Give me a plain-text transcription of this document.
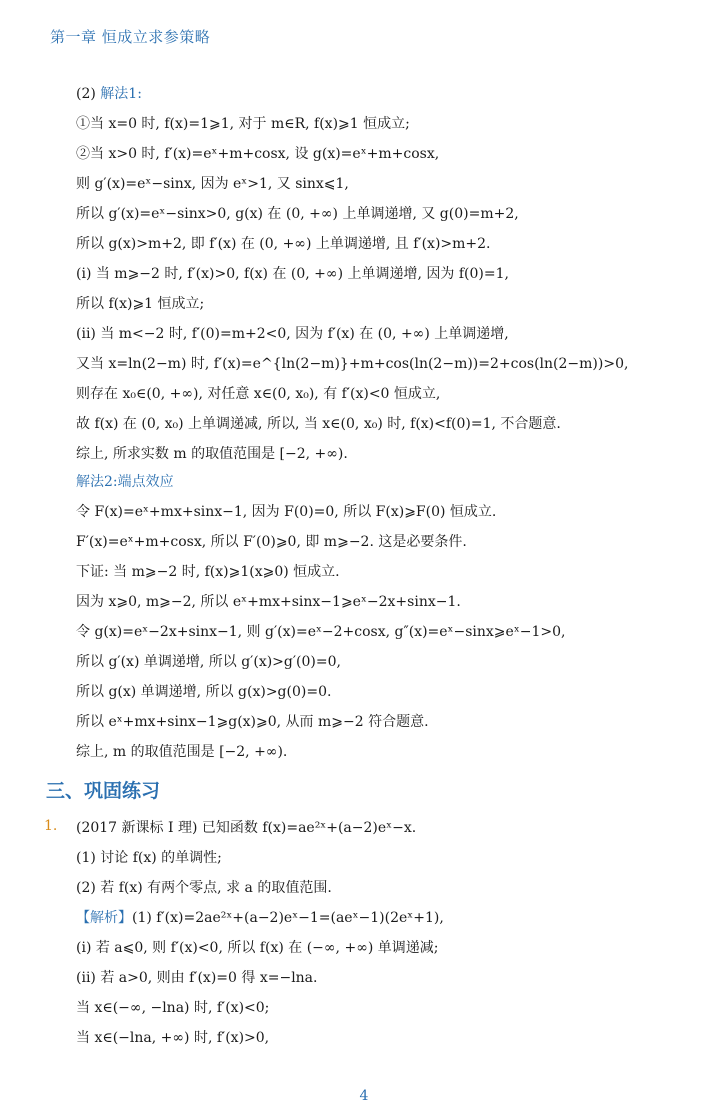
第一章 恒成立求参策略
(2) 解法1:
①当 x=0 时, f(x)=1⩾1, 对于 m∈R, f(x)⩾1 恒成立;
②当 x>0 时, f′(x)=eˣ+m+cosx, 设 g(x)=eˣ+m+cosx,
则 g′(x)=eˣ−sinx, 因为 eˣ>1, 又 sinx⩽1,
所以 g′(x)=eˣ−sinx>0, g(x) 在 (0, +∞) 上单调递增, 又 g(0)=m+2,
所以 g(x)>m+2, 即 f′(x) 在 (0, +∞) 上单调递增, 且 f′(x)>m+2.
(i) 当 m⩾−2 时, f′(x)>0, f(x) 在 (0, +∞) 上单调递增, 因为 f(0)=1,
所以 f(x)⩾1 恒成立;
(ii) 当 m<−2 时, f′(0)=m+2<0, 因为 f′(x) 在 (0, +∞) 上单调递增,
又当 x=ln(2−m) 时, f′(x)=e^{ln(2−m)}+m+cos(ln(2−m))=2+cos(ln(2−m))>0,
则存在 x₀∈(0, +∞), 对任意 x∈(0, x₀), 有 f′(x)<0 恒成立,
故 f(x) 在 (0, x₀) 上单调递减, 所以, 当 x∈(0, x₀) 时, f(x)<f(0)=1, 不合题意.
综上, 所求实数 m 的取值范围是 [−2, +∞).
解法2:端点效应
令 F(x)=eˣ+mx+sinx−1, 因为 F(0)=0, 所以 F(x)⩾F(0) 恒成立.
F′(x)=eˣ+m+cosx, 所以 F′(0)⩾0, 即 m⩾−2. 这是必要条件.
下证: 当 m⩾−2 时, f(x)⩾1(x⩾0) 恒成立.
因为 x⩾0, m⩾−2, 所以 eˣ+mx+sinx−1⩾eˣ−2x+sinx−1.
令 g(x)=eˣ−2x+sinx−1, 则 g′(x)=eˣ−2+cosx, g″(x)=eˣ−sinx⩾eˣ−1>0,
所以 g′(x) 单调递增, 所以 g′(x)>g′(0)=0,
所以 g(x) 单调递增, 所以 g(x)>g(0)=0.
所以 eˣ+mx+sinx−1⩾g(x)⩾0, 从而 m⩾−2 符合题意.
综上, m 的取值范围是 [−2, +∞).
三、巩固练习
1. (2017 新课标 Ⅰ 理) 已知函数 f(x)=ae²ˣ+(a−2)eˣ−x.
(1) 讨论 f(x) 的单调性;
(2) 若 f(x) 有两个零点, 求 a 的取值范围.
【解析】(1) f′(x)=2ae²ˣ+(a−2)eˣ−1=(aeˣ−1)(2eˣ+1),
(i) 若 a⩽0, 则 f′(x)<0, 所以 f(x) 在 (−∞, +∞) 单调递减;
(ii) 若 a>0, 则由 f′(x)=0 得 x=−lna.
当 x∈(−∞, −lna) 时, f′(x)<0;
当 x∈(−lna, +∞) 时, f′(x)>0,
4
